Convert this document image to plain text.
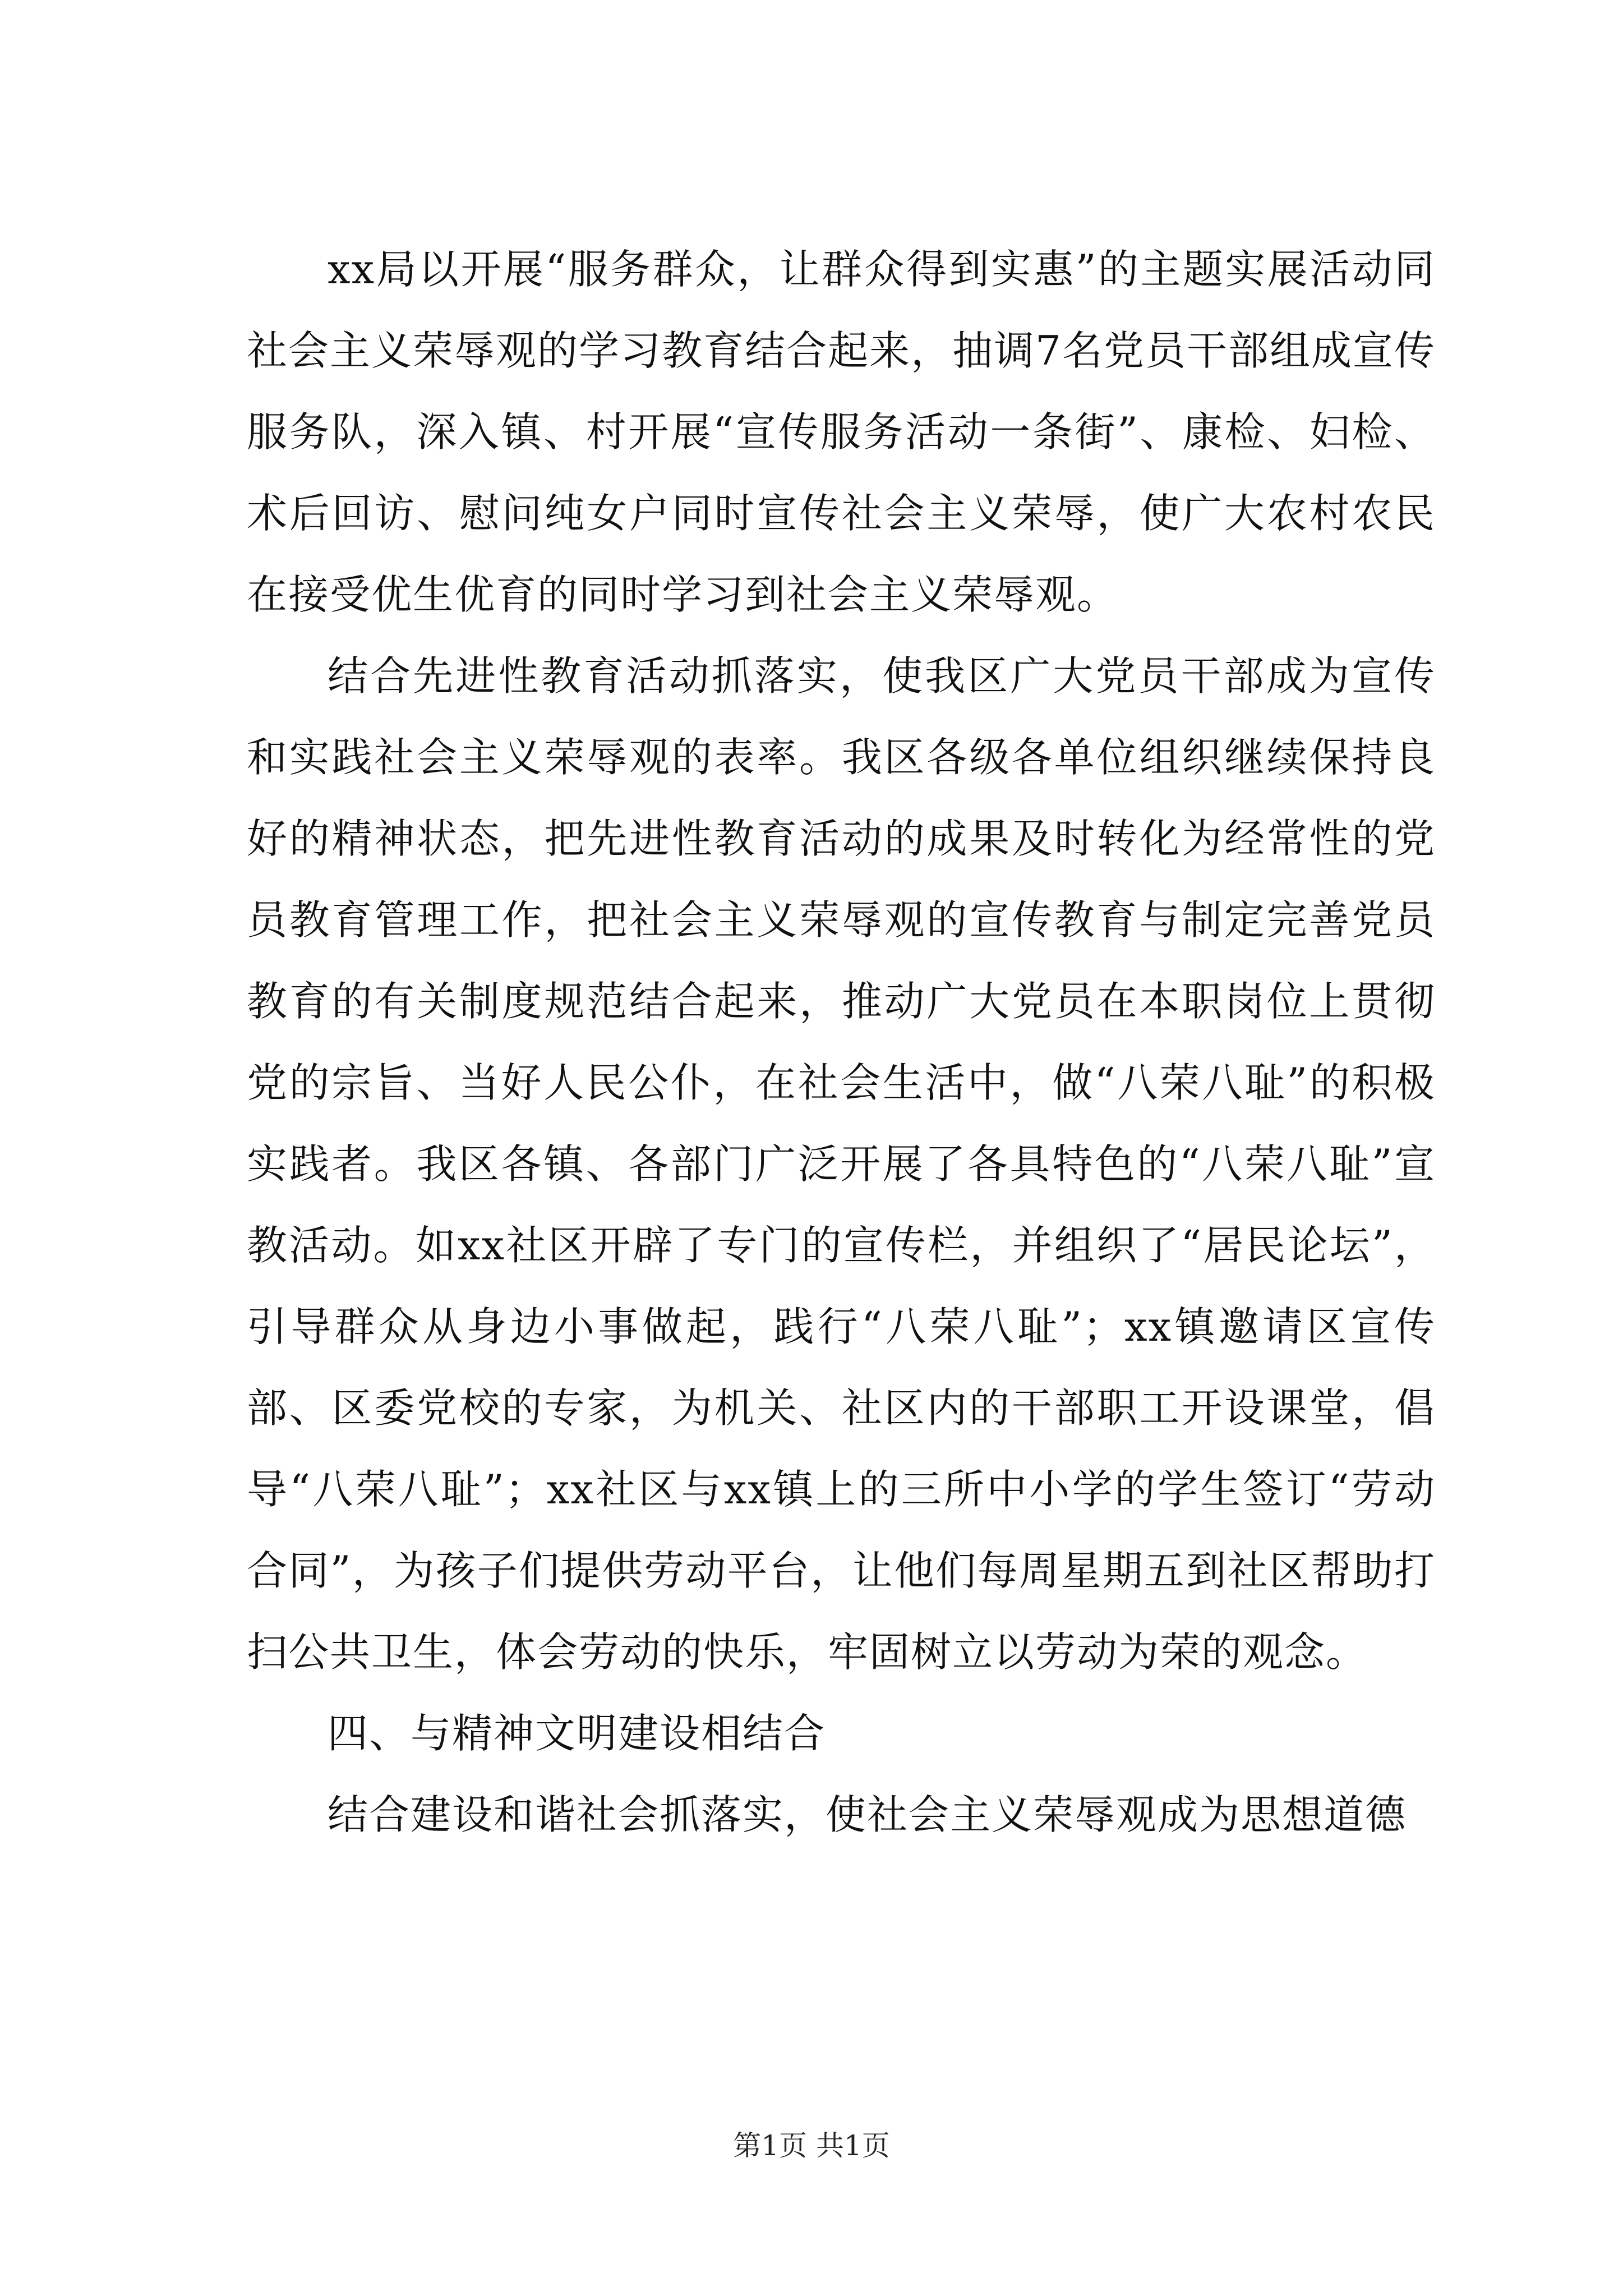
xx局以开展“服务群众，让群众得到实惠”的主题实展活动同社会主义荣辱观的学习教育结合起来，抽调7名党员干部组成宣传服务队，深入镇、村开展“宣传服务活动一条街”、康检、妇检、术后回访、慰问纯女户同时宣传社会主义荣辱，使广大农村农民在接受优生优育的同时学习到社会主义荣辱观。

结合先进性教育活动抓落实，使我区广大党员干部成为宣传和实践社会主义荣辱观的表率。我区各级各单位组织继续保持良好的精神状态，把先进性教育活动的成果及时转化为经常性的党员教育管理工作，把社会主义荣辱观的宣传教育与制定完善党员教育的有关制度规范结合起来，推动广大党员在本职岗位上贯彻党的宗旨、当好人民公仆，在社会生活中，做“八荣八耻”的积极实践者。我区各镇、各部门广泛开展了各具特色的“八荣八耻”宣教活动。如xx社区开辟了专门的宣传栏，并组织了“居民论坛”，引导群众从身边小事做起，践行“八荣八耻”；xx镇邀请区宣传部、区委党校的专家，为机关、社区内的干部职工开设课堂，倡导“八荣八耻”；xx社区与xx镇上的三所中小学的学生签订“劳动合同”，为孩子们提供劳动平台，让他们每周星期五到社区帮助打扫公共卫生，体会劳动的快乐，牢固树立以劳动为荣的观念。

四、与精神文明建设相结合

结合建设和谐社会抓落实，使社会主义荣辱观成为思想道德

第1页 共1页
